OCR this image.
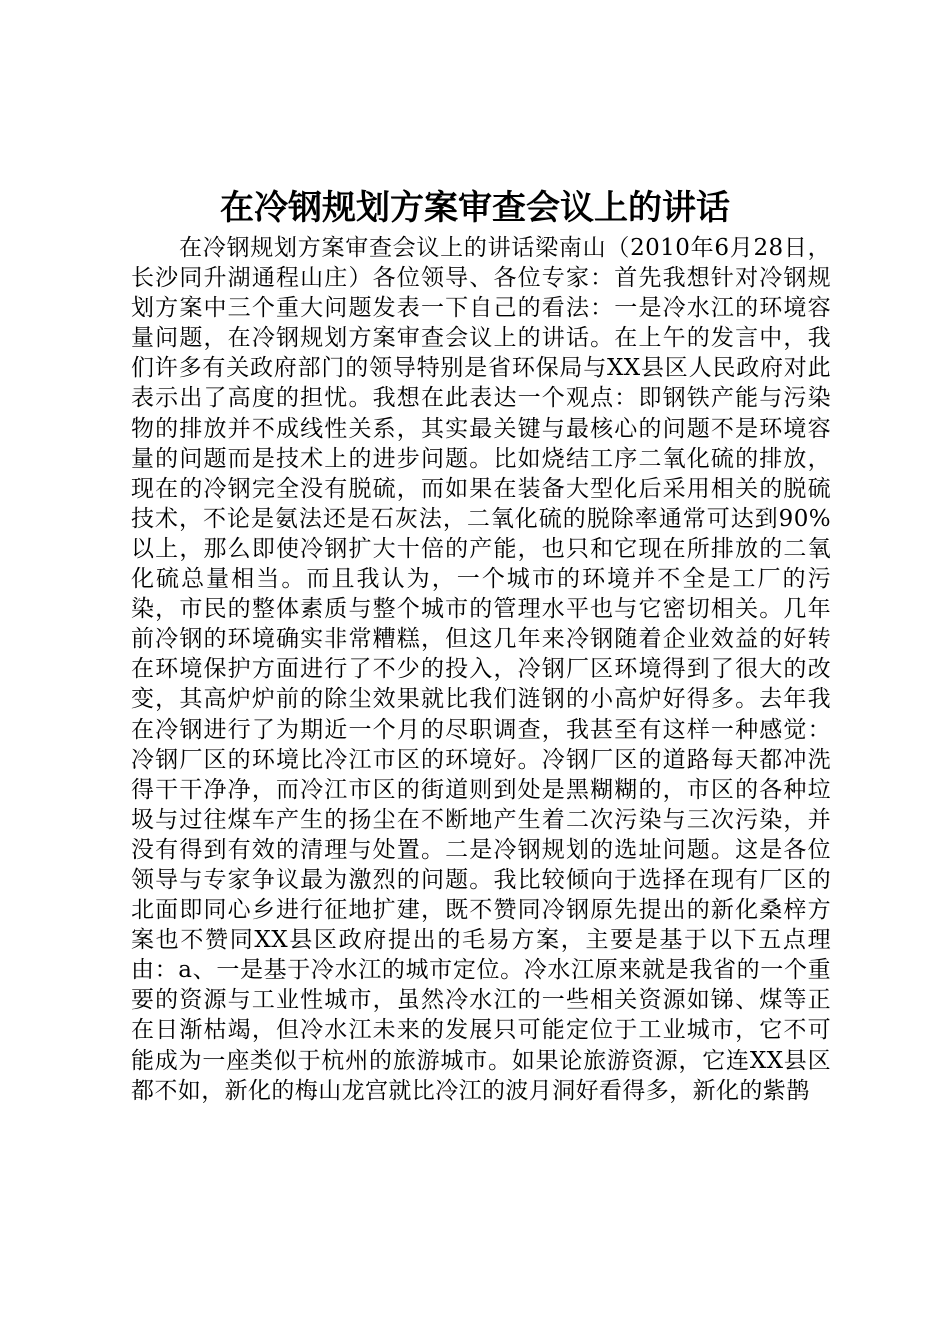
在冷钢规划方案审查会议上的讲话

在冷钢规划方案审查会议上的讲话梁南山（2010年6月28日，长沙同升湖通程山庄）各位领导、各位专家：首先我想针对冷钢规划方案中三个重大问题发表一下自己的看法：一是冷水江的环境容量问题，在冷钢规划方案审查会议上的讲话。在上午的发言中，我们许多有关政府部门的领导特别是省环保局与XX县区人民政府对此表示出了高度的担忧。我想在此表达一个观点：即钢铁产能与污染物的排放并不成线性关系，其实最关键与最核心的问题不是环境容量的问题而是技术上的进步问题。比如烧结工序二氧化硫的排放，现在的冷钢完全没有脱硫，而如果在装备大型化后采用相关的脱硫技术，不论是氨法还是石灰法，二氧化硫的脱除率通常可达到90%以上，那么即使冷钢扩大十倍的产能，也只和它现在所排放的二氧化硫总量相当。而且我认为，一个城市的环境并不全是工厂的污染，市民的整体素质与整个城市的管理水平也与它密切相关。几年前冷钢的环境确实非常糟糕，但这几年来冷钢随着企业效益的好转在环境保护方面进行了不少的投入，冷钢厂区环境得到了很大的改变，其高炉炉前的除尘效果就比我们涟钢的小高炉好得多。去年我在冷钢进行了为期近一个月的尽职调查，我甚至有这样一种感觉：冷钢厂区的环境比冷江市区的环境好。冷钢厂区的道路每天都冲洗得干干净净，而冷江市区的街道则到处是黑糊糊的，市区的各种垃圾与过往煤车产生的扬尘在不断地产生着二次污染与三次污染，并没有得到有效的清理与处置。二是冷钢规划的选址问题。这是各位领导与专家争议最为激烈的问题。我比较倾向于选择在现有厂区的北面即同心乡进行征地扩建，既不赞同冷钢原先提出的新化桑梓方案也不赞同XX县区政府提出的毛易方案，主要是基于以下五点理由：a、一是基于冷水江的城市定位。冷水江原来就是我省的一个重要的资源与工业性城市，虽然冷水江的一些相关资源如锑、煤等正在日渐枯竭，但冷水江未来的发展只可能定位于工业城市，它不可能成为一座类似于杭州的旅游城市。如果论旅游资源，它连XX县区都不如，新化的梅山龙宫就比冷江的波月洞好看得多，新化的紫鹊
